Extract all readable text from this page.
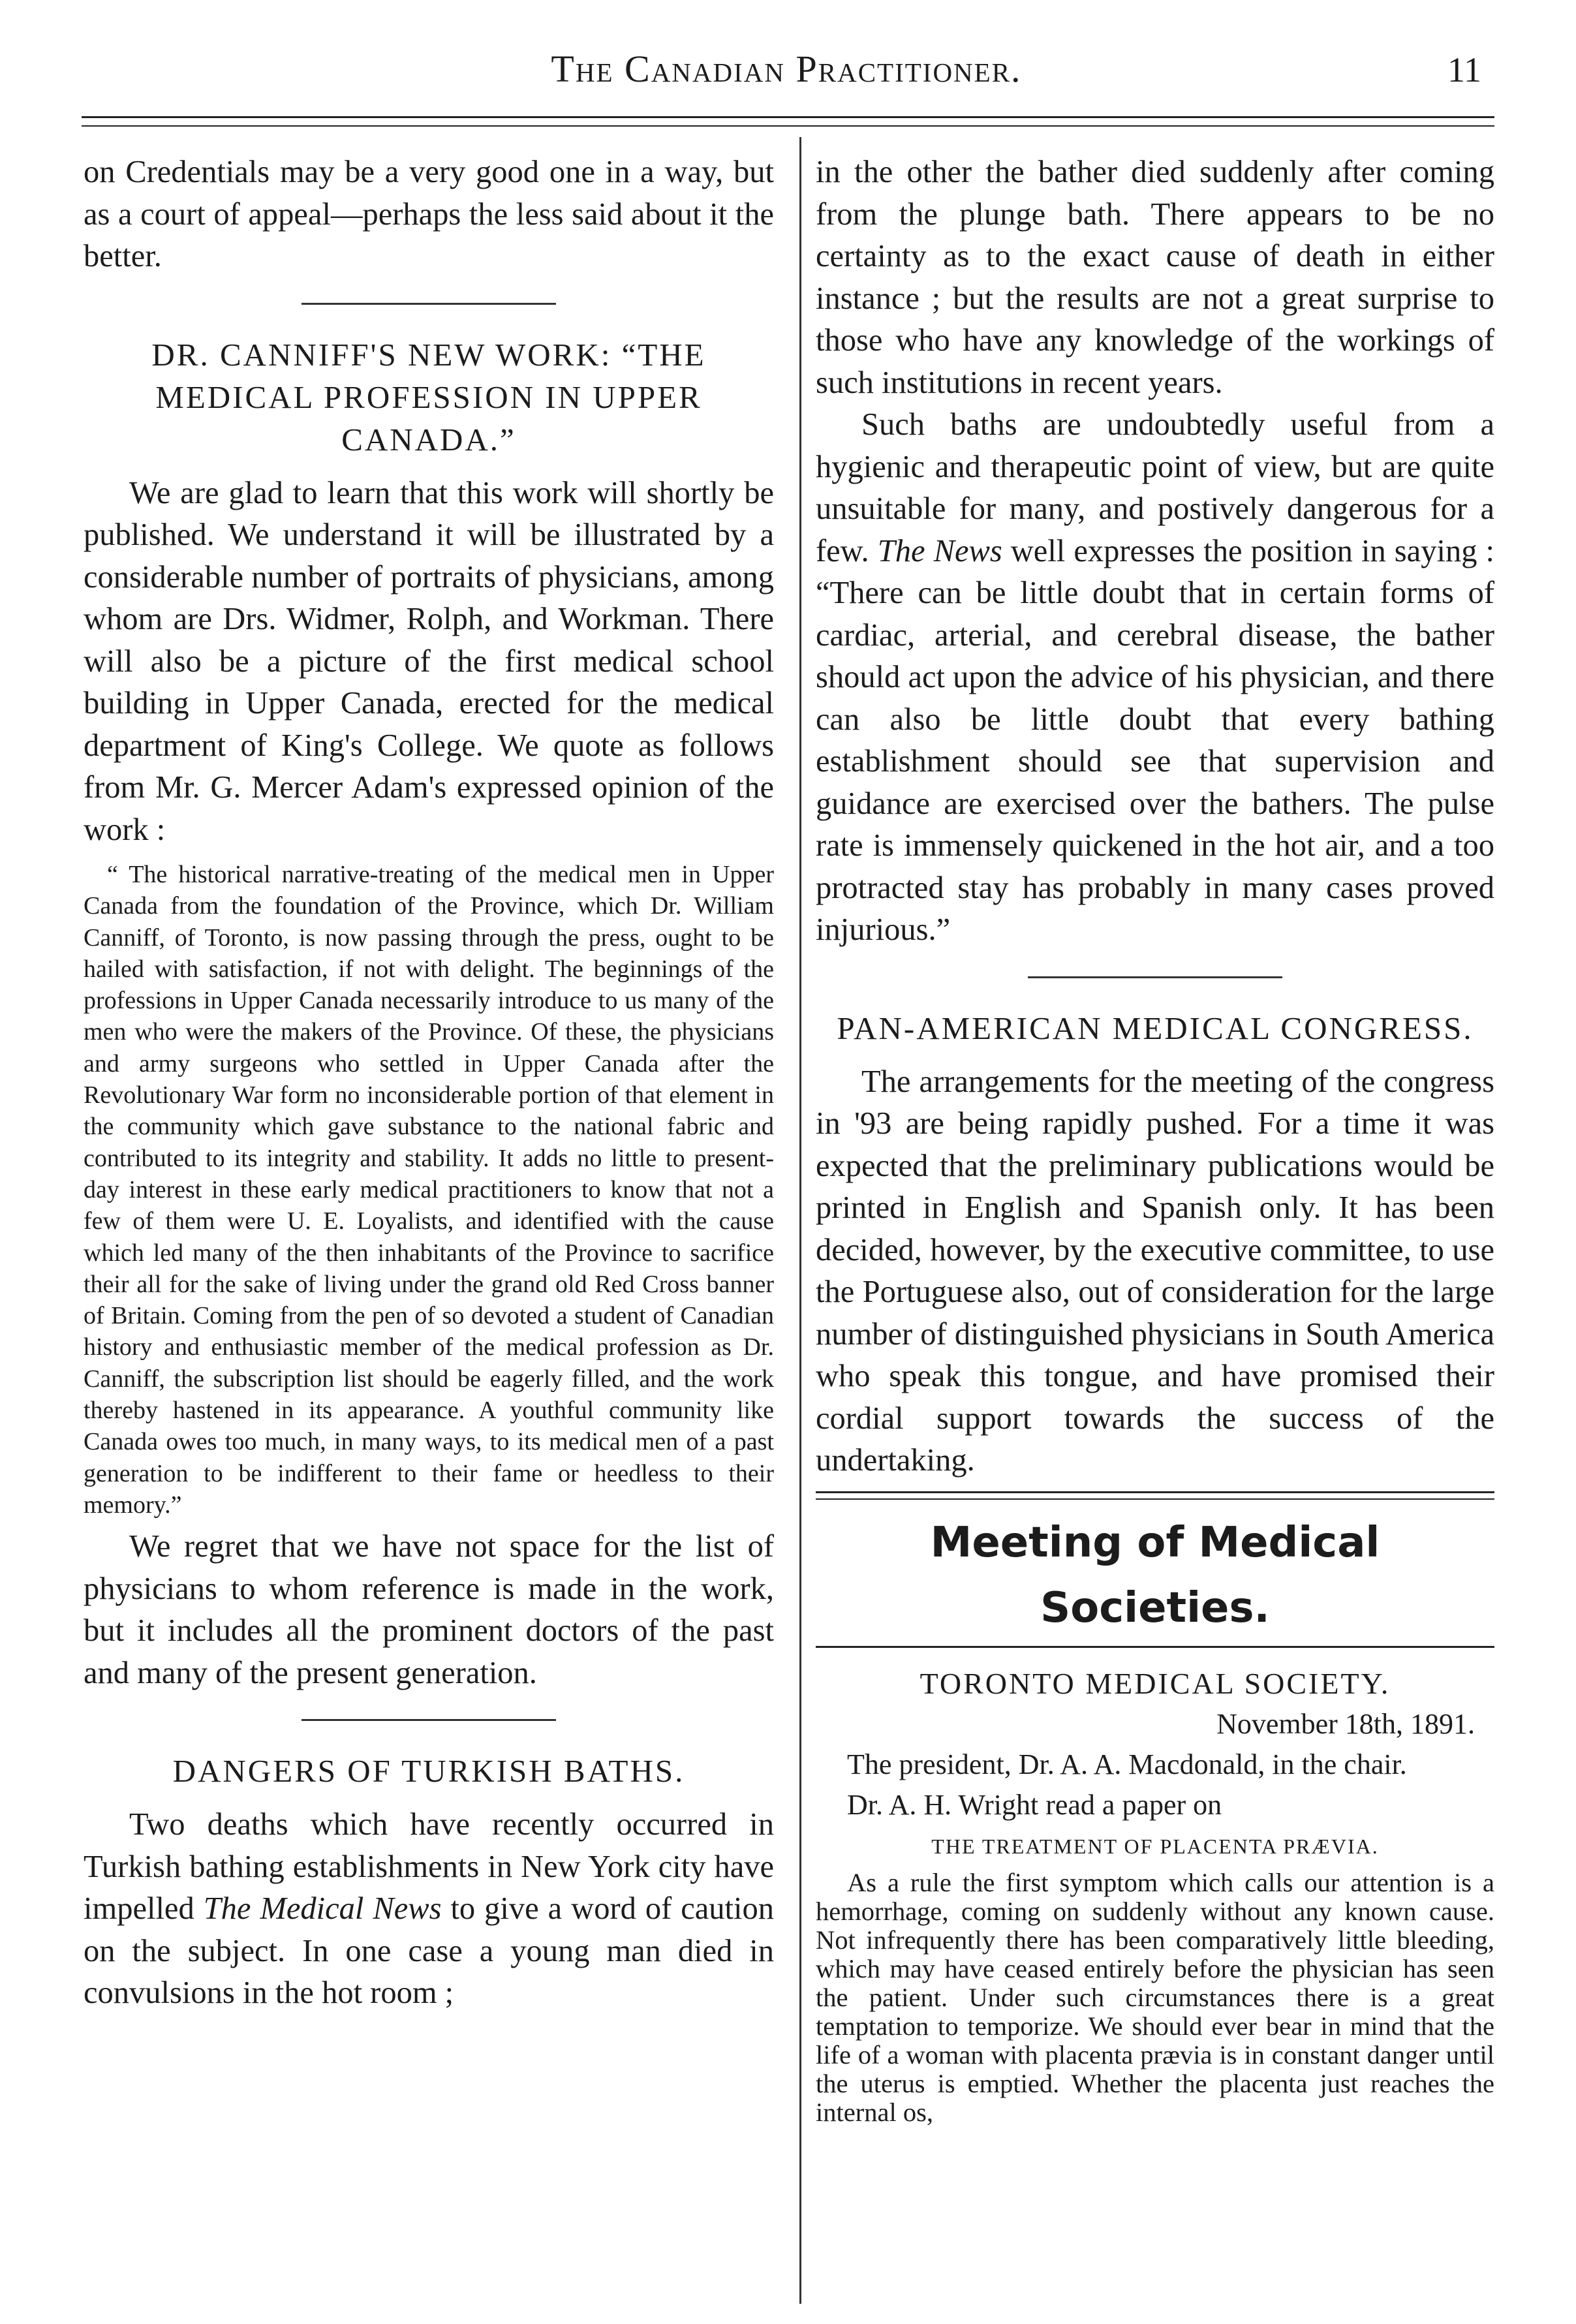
The Canadian Practitioner.	11

on Credentials may be a very good one in a way, but as a court of appeal—perhaps the less said about it the better.

DR. CANNIFF'S NEW WORK: “THE MEDICAL PROFESSION IN UPPER CANADA.”

We are glad to learn that this work will shortly be published. We understand it will be illustrated by a considerable number of portraits of physicians, among whom are Drs. Widmer, Rolph, and Workman. There will also be a picture of the first medical school building in Upper Canada, erected for the medical department of King's College. We quote as follows from Mr. G. Mercer Adam's expressed opinion of the work :

“ The historical narrative-treating of the medical men in Upper Canada from the foundation of the Province, which Dr. William Canniff, of Toronto, is now passing through the press, ought to be hailed with satisfaction, if not with delight. The beginnings of the professions in Upper Canada necessarily introduce to us many of the men who were the makers of the Province. Of these, the physicians and army surgeons who settled in Upper Canada after the Revolutionary War form no inconsiderable portion of that element in the community which gave substance to the national fabric and contributed to its integrity and stability. It adds no little to present-day interest in these early medical practitioners to know that not a few of them were U. E. Loyalists, and identified with the cause which led many of the then inhabitants of the Province to sacrifice their all for the sake of living under the grand old Red Cross banner of Britain. Coming from the pen of so devoted a student of Canadian history and enthusiastic member of the medical profession as Dr. Canniff, the subscription list should be eagerly filled, and the work thereby hastened in its appearance. A youthful community like Canada owes too much, in many ways, to its medical men of a past generation to be indifferent to their fame or heedless to their memory.”

We regret that we have not space for the list of physicians to whom reference is made in the work, but it includes all the prominent doctors of the past and many of the present generation.

DANGERS OF TURKISH BATHS.

Two deaths which have recently occurred in Turkish bathing establishments in New York city have impelled The Medical News to give a word of caution on the subject. In one case a young man died in convulsions in the hot room ;

in the other the bather died suddenly after coming from the plunge bath. There appears to be no certainty as to the exact cause of death in either instance ; but the results are not a great surprise to those who have any knowledge of the workings of such institutions in recent years.

Such baths are undoubtedly useful from a hygienic and therapeutic point of view, but are quite unsuitable for many, and postively dangerous for a few. The News well expresses the position in saying : “There can be little doubt that in certain forms of cardiac, arterial, and cerebral disease, the bather should act upon the advice of his physician, and there can also be little doubt that every bathing establishment should see that supervision and guidance are exercised over the bathers. The pulse rate is immensely quickened in the hot air, and a too protracted stay has probably in many cases proved injurious.”

PAN-AMERICAN MEDICAL CONGRESS.

The arrangements for the meeting of the congress in '93 are being rapidly pushed. For a time it was expected that the preliminary publications would be printed in English and Spanish only. It has been decided, however, by the executive committee, to use the Portuguese also, out of consideration for the large number of distinguished physicians in South America who speak this tongue, and have promised their cordial support towards the success of the undertaking.

Meeting of Medical Societies.
TORONTO MEDICAL SOCIETY.
November 18th, 1891.
The president, Dr. A. A. Macdonald, in the chair.
Dr. A. H. Wright read a paper on
THE TREATMENT OF PLACENTA PRÆVIA.

As a rule the first symptom which calls our attention is a hemorrhage, coming on suddenly without any known cause. Not infrequently there has been comparatively little bleeding, which may have ceased entirely before the physician has seen the patient. Under such circumstances there is a great temptation to temporize. We should ever bear in mind that the life of a woman with placenta prævia is in constant danger until the uterus is emptied. Whether the placenta just reaches the internal os,
